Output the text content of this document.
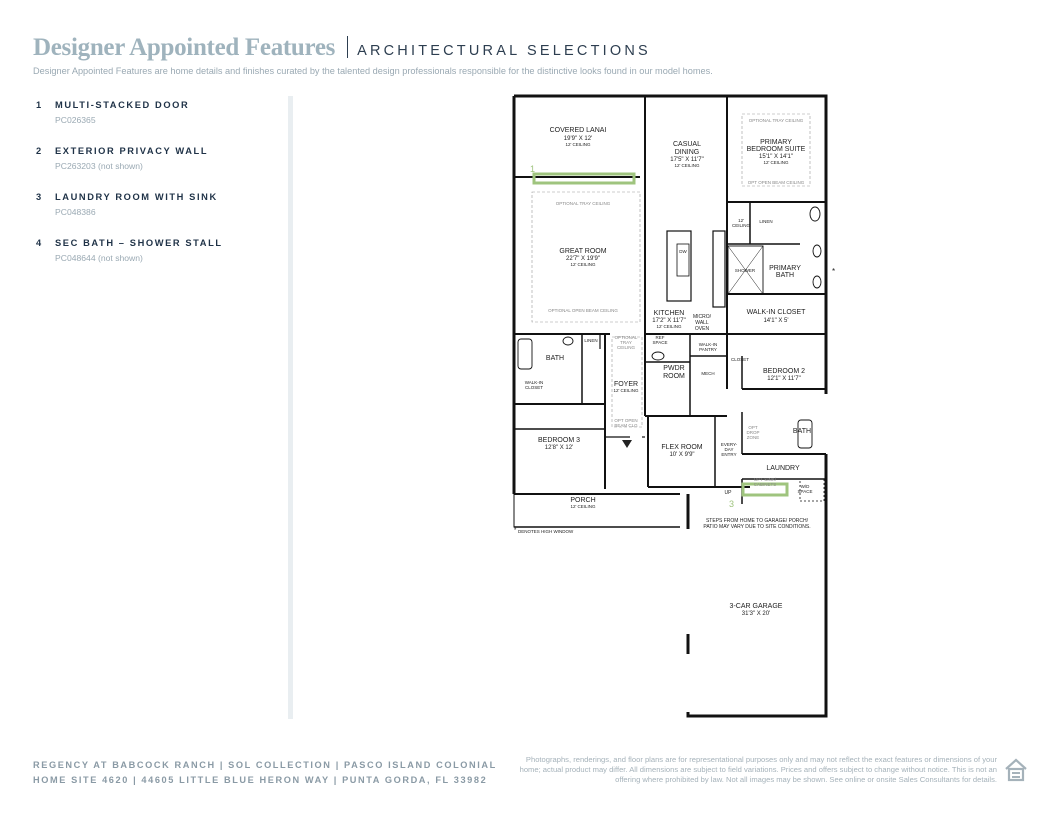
Designer Appointed Features ARCHITECTURAL SELECTIONS
Designer Appointed Features are home details and finishes curated by the talented design professionals responsible for the distinctive looks found in our model homes.
1 MULTI-STACKED DOOR
PC026365
2 EXTERIOR PRIVACY WALL
PC263203 (not shown)
3 LAUNDRY ROOM WITH SINK
PC048386
4 SEC BATH – SHOWER STALL
PC048644 (not shown)
COVERED LANAI
19'9" X 12'
12' CEILING	CASUAL
DINING
17'5" X 11'7"
12' CEILING
OPTIONAL TRAY CEILING
PRIMARY
BEDROOM SUITE
15'1" X 14'1"
12' CEILING
OPT OPEN BEAM CEILING
12'
CEILING
LINEN
OPTIONAL TRAY CEILING
GREAT ROOM
22'7" X 19'9"
12' CEILING
OPTIONAL OPEN BEAM CEILING
DW
SHOWER PRIMARY
BATH
KITCHEN
17'2" X 11'7"
12' CEILING
MICRO/
WALL
OVEN
WALK-IN CLOSET
14'1" X 5'
LINEN
OPTIONAL
TRAY
CEILING
REF
SPACE	WALK-IN
PANTRY
BATH	CLOSET
PWDR
ROOM
FOYER
12' CEILING
MECH	BEDROOM 2
12'1" X 11'7"
WALK-IN
CLOSET
OPT OPEN
BEAM CLG	OPT
DROP
ZONE
BEDROOM 3
12'8" X 12'	FLEX ROOM
10' X 9'9"
EVERY-
DAY
ENTRY
BATH
LAUNDRY
OPT SINK/
CABINETS	W/D
SPACE
UP
PORCH
12' CEILING
STEPS FROM HOME TO GARAGE/ PORCH/
PATIO MAY VARY DUE TO SITE CONDITIONS.
3-CAR GARAGE
31'3" X 20'
* DENOTES HIGH WINDOW
*
1
3
REGENCY AT BABCOCK RANCH | SOL COLLECTION | PASCO ISLAND COLONIAL
HOME SITE 4620 | 44605 LITTLE BLUE HERON WAY | PUNTA GORDA, FL 33982
Photographs, renderings, and floor plans are for representational purposes only and may not reflect the exact features or dimensions of your home; actual product may differ. All dimensions are subject to field variations. Prices and offers subject to change without notice. This is not an offering where prohibited by law. Not all images may be shown. See online or onsite Sales Consultants for details.
